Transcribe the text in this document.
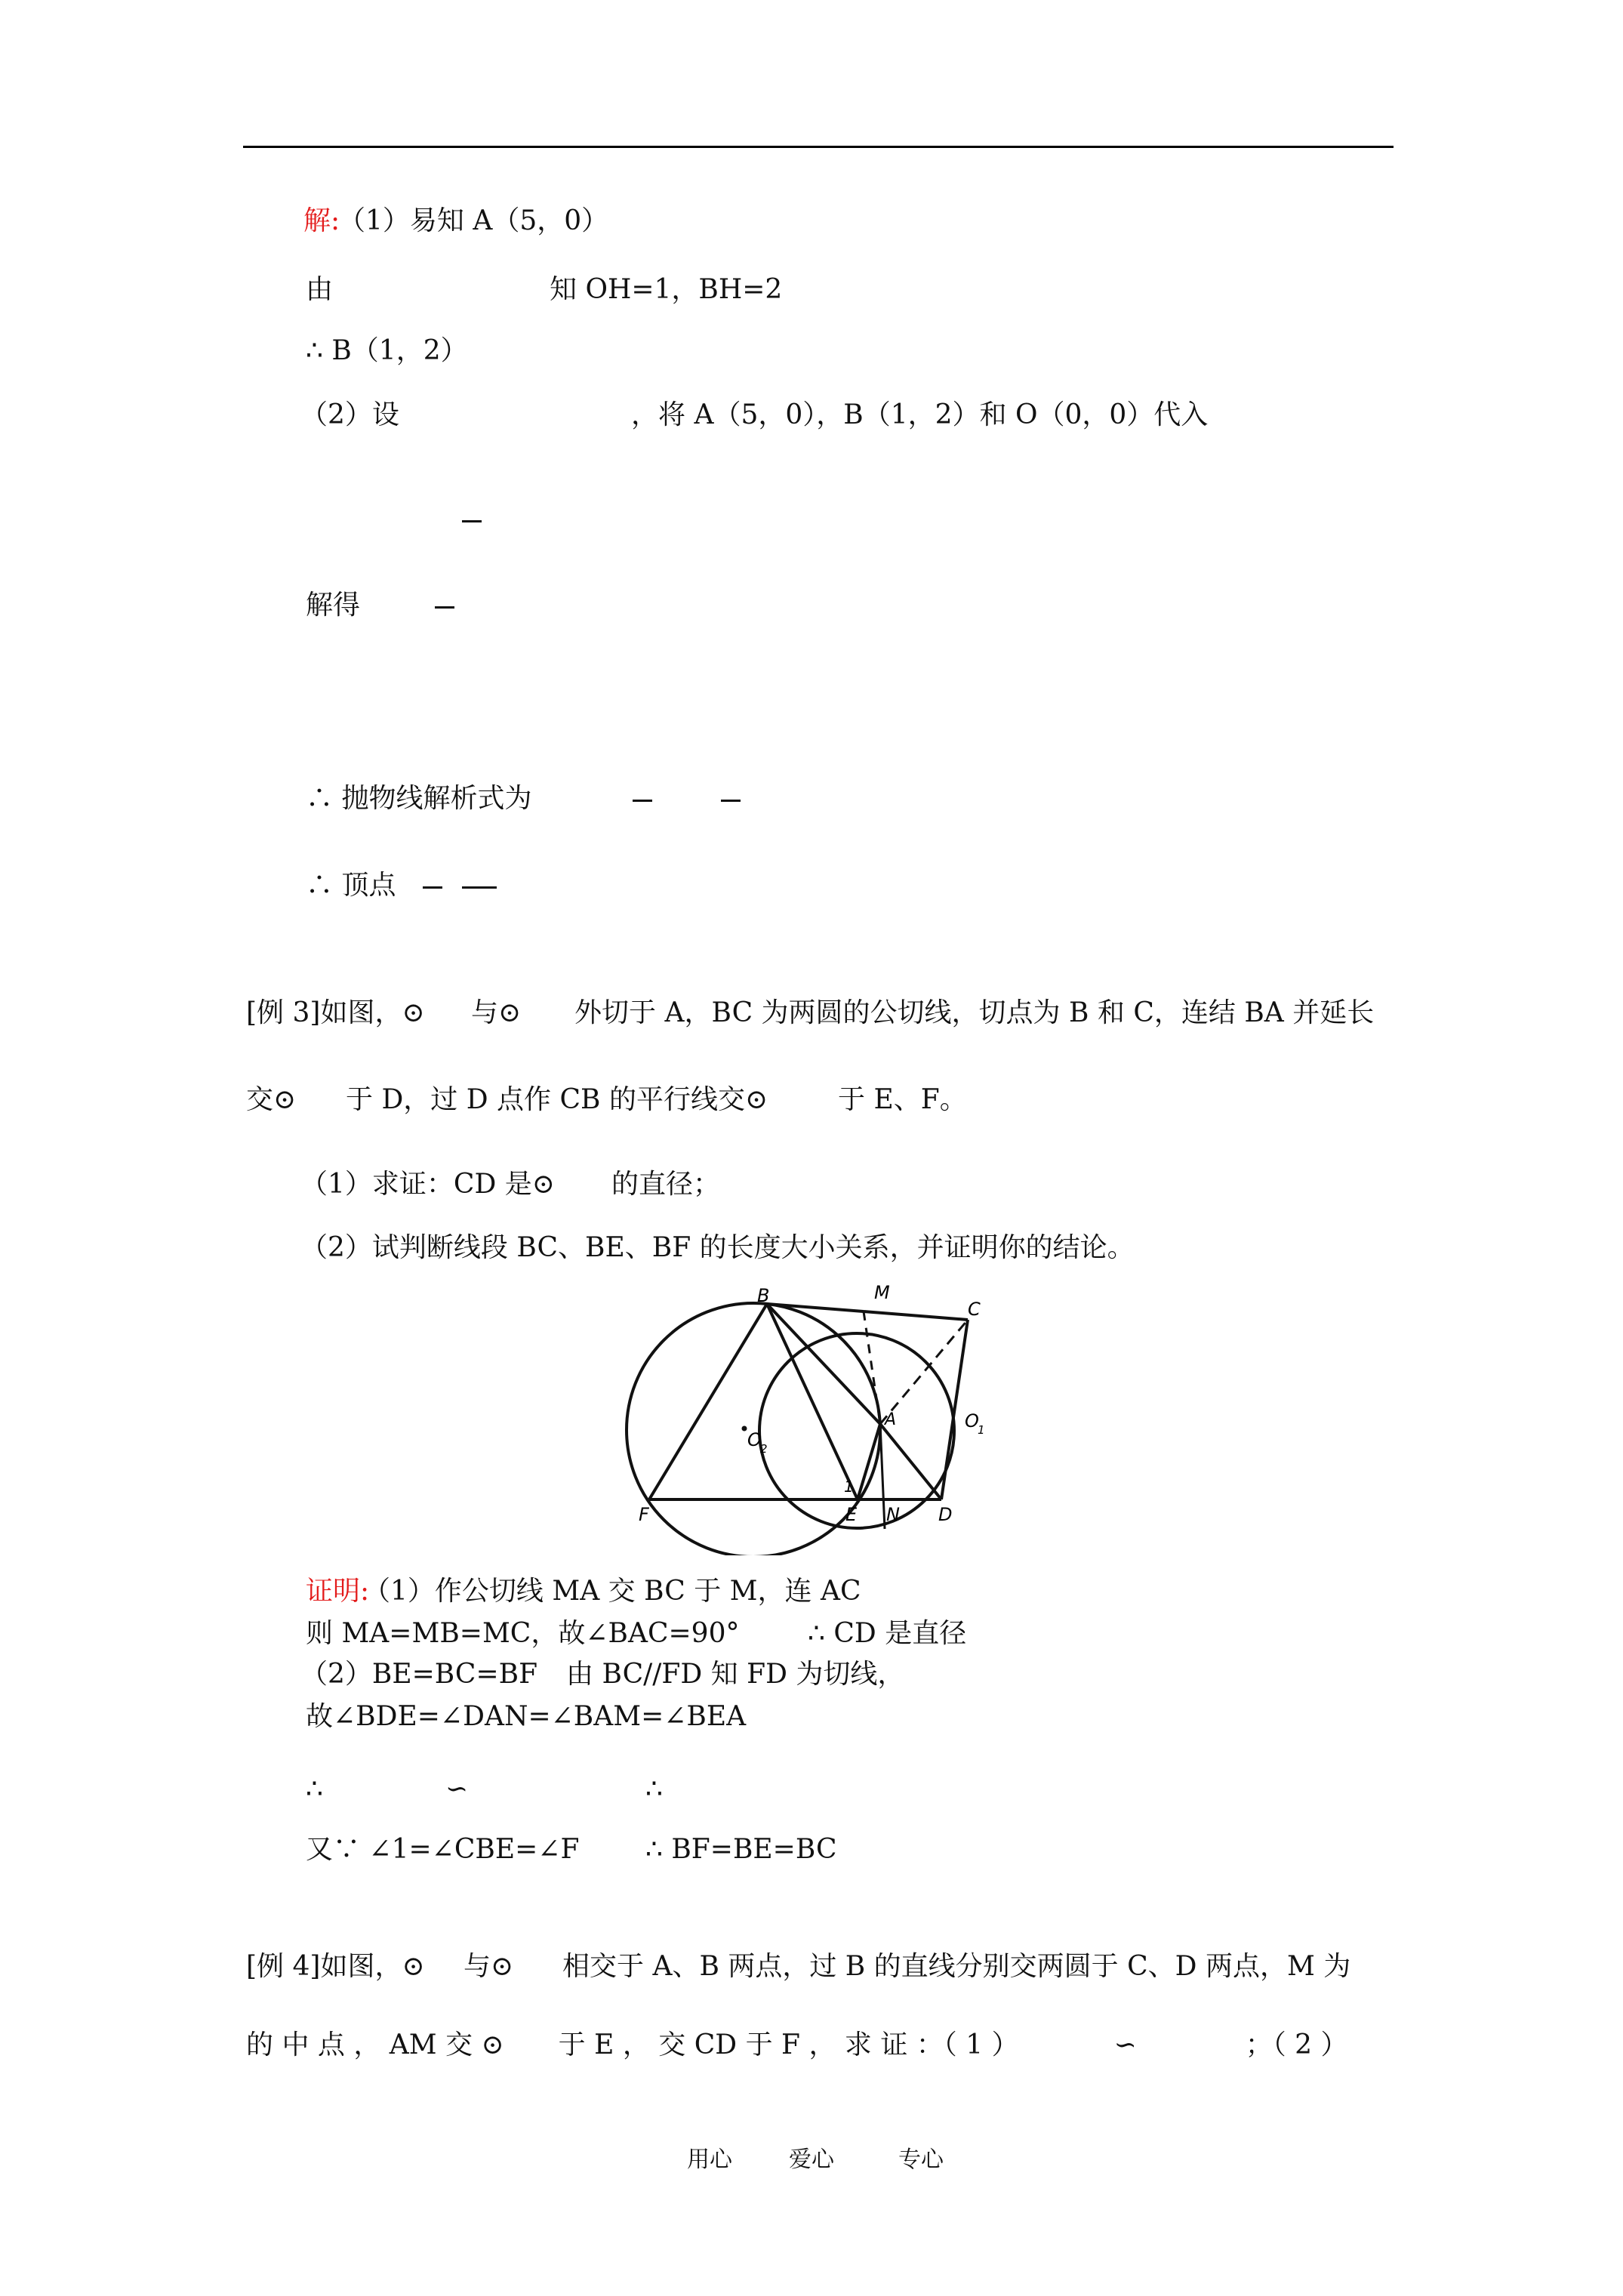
解:
（1）易知 A（5，0）
由	知 OH=1，BH=2
∴ B（1，2）
（2）设	，将 A（5，0），B（1，2）和 O（0，0）代入
解得
∴ 抛物线解析式为
∴ 顶点
[例 3]如图，⊙ 与⊙ 外切于 A，BC 为两圆的公切线，切点为 B 和 C，连结 BA 并延长
交⊙ 于 D，过 D 点作 CB 的平行线交⊙	于 E、F。
（1）求证：CD 是⊙ 的直径；
（2）试判断线段 BC、BE、BF 的长度大小关系，并证明你的结论。
B	M
C
A	O
1
O
2
1
F	E N D
证明:
（1）作公切线 MA 交 BC 于 M，连 AC
则 MA=MB=MC，故∠BAC=90°	∴ CD 是直径
（2）BE=BC=BF 由 BC//FD 知 FD 为切线，
故∠BDE=∠DAN=∠BAM=∠BEA
∴	∽	∴
又∵ ∠1=∠CBE=∠F ∴ BF=BE=BC
[例 4]如图，⊙ 与⊙ 相交于 A、B 两点，过 B 的直线分别交两圆于 C、D 两点，M 为
的 中 点 ， AM 交 ⊙　　于 E ， 交 CD 于 F ， 求 证 ：（ 1 ）　　　　∽　　　　；（ 2 ）
用心	爱心	专心
